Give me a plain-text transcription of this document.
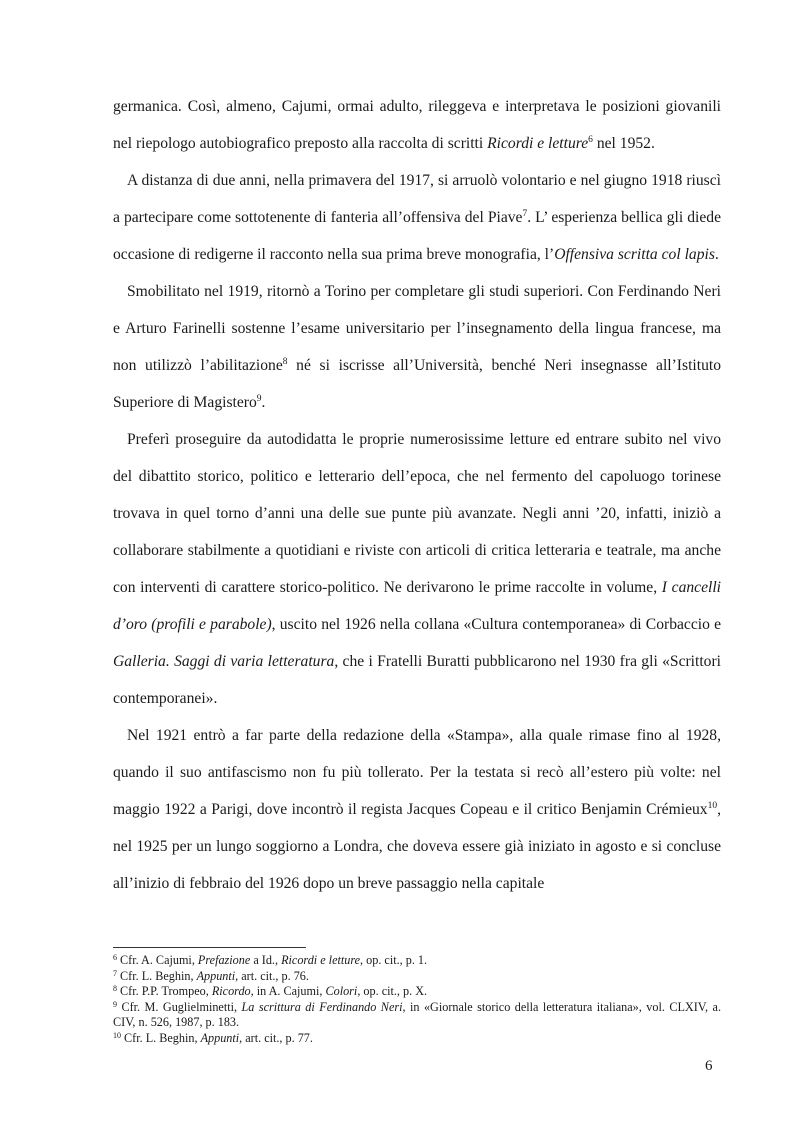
germanica. Così, almeno, Cajumi, ormai adulto, rileggeva e interpretava le posizioni giovanili nel riepologo autobiografico preposto alla raccolta di scritti Ricordi e letture$^6$ nel 1952.

A distanza di due anni, nella primavera del 1917, si arruolò volontario e nel giugno 1918 riuscì a partecipare come sottotenente di fanteria all’offensiva del Piave$^7$. L’ esperienza bellica gli diede occasione di redigerne il racconto nella sua prima breve monografia, l’Offensiva scritta col lapis.

Smobilitato nel 1919, ritornò a Torino per completare gli studi superiori. Con Ferdinando Neri e Arturo Farinelli sostenne l’esame universitario per l’insegnamento della lingua francese, ma non utilizzò l’abilitazione$^8$ né si iscrisse all’Università, benché Neri insegnasse all’Istituto Superiore di Magistero$^9$.

Preferì proseguire da autodidatta le proprie numerosissime letture ed entrare subito nel vivo del dibattito storico, politico e letterario dell’epoca, che nel fermento del capoluogo torinese trovava in quel torno d’anni una delle sue punte più avanzate. Negli anni ’20, infatti, iniziò a collaborare stabilmente a quotidiani e riviste con articoli di critica letteraria e teatrale, ma anche con interventi di carattere storico-politico. Ne derivarono le prime raccolte in volume, I cancelli d’oro (profili e parabole), uscito nel 1926 nella collana «Cultura contemporanea» di Corbaccio e Galleria. Saggi di varia letteratura, che i Fratelli Buratti pubblicarono nel 1930 fra gli «Scrittori contemporanei».

Nel 1921 entrò a far parte della redazione della «Stampa», alla quale rimase fino al 1928, quando il suo antifascismo non fu più tollerato. Per la testata si recò all’estero più volte: nel maggio 1922 a Parigi, dove incontrò il regista Jacques Copeau e il critico Benjamin Crémieux$^{10}$, nel 1925 per un lungo soggiorno a Londra, che doveva essere già iniziato in agosto e si concluse all’inizio di febbraio del 1926 dopo un breve passaggio nella capitale

$^6$ Cfr. A. Cajumi, Prefazione a Id., Ricordi e letture, op. cit., p. 1.

$^7$ Cfr. L. Beghin, Appunti, art. cit., p. 76.

$^8$ Cfr. P.P. Trompeo, Ricordo, in A. Cajumi, Colori, op. cit., p. X.

$^9$ Cfr. M. Guglielminetti, La scrittura di Ferdinando Neri, in «Giornale storico della letteratura italiana», vol. CLXIV, a. CIV, n. 526, 1987, p. 183.

$^{10}$ Cfr. L. Beghin, Appunti, art. cit., p. 77.

6
